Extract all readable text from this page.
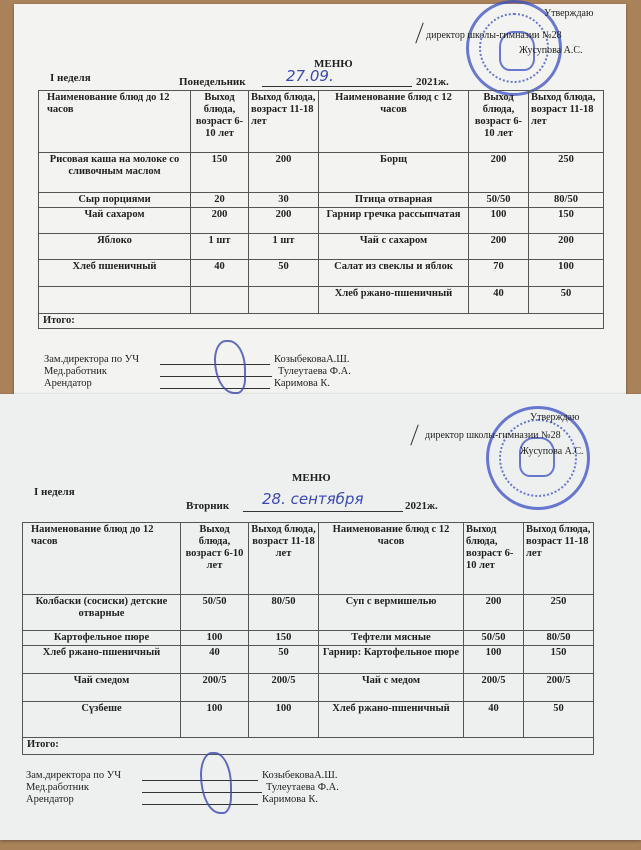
Утверждаю
директор школы-гимназии №28
Жусупова А.С.
МЕНЮ
I неделя	Понедельник	27.09.	2021ж.
Наименование блюд до 12 часов	Выход блюда, возраст 6-10 лет	Выход блюда, возраст 11-18 лет	Наименование блюд с 12 часов	Выход блюда, возраст 6-10 лет	Выход блюда, возраст 11-18 лет
Рисовая каша на молоке со сливочным маслом	150	200	Борщ	200	250
Сыр порциями	20	30	Птица отварная	50/50	80/50
Чай сахаром	200	200	Гарнир гречка рассыпчатая	100	150
Яблоко	1 шт	1 шт	Чай с сахаром	200	200
Хлеб пшеничный	40	50	Салат из свеклы и яблок	70	100
			Хлеб ржано-пшеничный	40	50
Итого:					
Зам.директора по УЧ	КозыбековаА.Ш.
Мед.работник	Тулеутаева Ф.А.
Арендатор	Каримова К.
Утверждаю
директор школы-гимназии №28
Жусупова А.С.
МЕНЮ
I неделя
Вторник 28. сентября	2021ж.
Наименование блюд до 12 часов	Выход блюда, возраст 6-10 лет	Выход блюда, возраст 11-18 лет	Наименование блюд с 12 часов	Выход блюда, возраст 6-10 лет	Выход блюда, возраст 11-18 лет
Колбаски (сосиски) детские отварные	50/50	80/50	Суп с вермишелью	200	250
Картофельное пюре	100	150	Тефтели мясные	50/50	80/50
Хлеб ржано-пшеничный	40	50	Гарнир: Картофельное пюре	100	150
Чай смедом	200/5	200/5	Чай с медом	200/5	200/5
Сүзбеше	100	100	Хлеб ржано-пшеничный	40	50
Итого:					
Зам.директора по УЧ	КозыбековаА.Ш.
Мед.работник	Тулеутаева Ф.А.
Арендатор	Каримова К.
